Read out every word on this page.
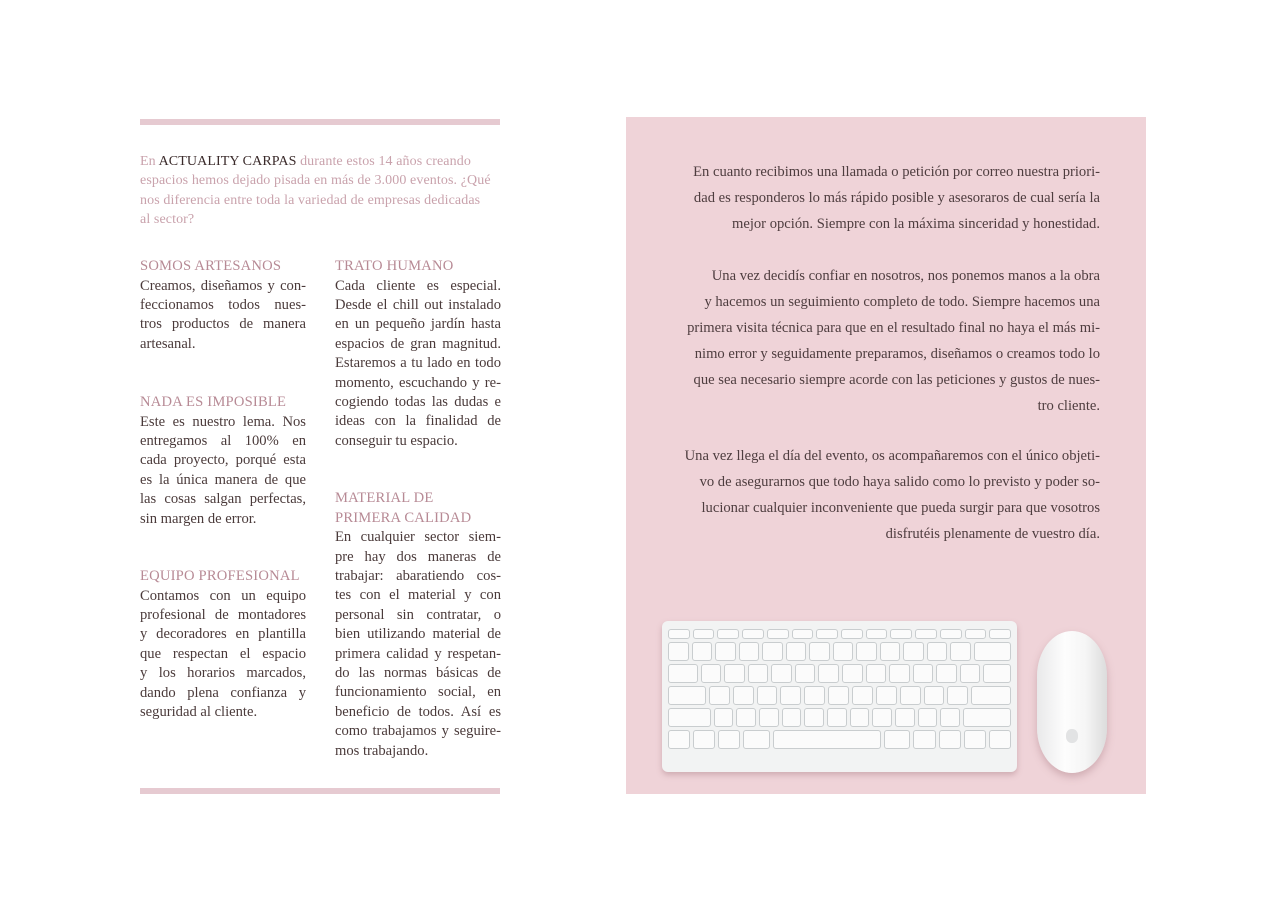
En ACTUALITY CARPAS durante estos 14 años creando
espacios hemos dejado pisada en más de 3.000 eventos. ¿Qué
nos diferencia entre toda la variedad de empresas dedicadas
al sector?
SOMOS ARTESANOS
Creamos, diseñamos y con-
feccionamos todos nues-
tros productos de manera
artesanal.
NADA ES IMPOSIBLE
Este es nuestro lema. Nos
entregamos al 100% en
cada proyecto, porqué esta
es la única manera de que
las cosas salgan perfectas,
sin margen de error.
EQUIPO PROFESIONAL
Contamos con un equipo
profesional de montadores
y decoradores en plantilla
que respectan el espacio
y los horarios marcados,
dando plena confianza y
seguridad al cliente.
TRATO HUMANO
Cada cliente es especial.
Desde el chill out instalado
en un pequeño jardín hasta
espacios de gran magnitud.
Estaremos a tu lado en todo
momento, escuchando y re-
cogiendo todas las dudas e
ideas con la finalidad de
conseguir tu espacio.
MATERIAL DE
PRIMERA CALIDAD
En cualquier sector siem-
pre hay dos maneras de
trabajar: abaratiendo cos-
tes con el material y con
personal sin contratar, o
bien utilizando material de
primera calidad y respetan-
do las normas básicas de
funcionamiento social, en
beneficio de todos. Así es
como trabajamos y seguire-
mos trabajando.
En cuanto recibimos una llamada o petición por correo nuestra priori-
dad es responderos lo más rápido posible y asesoraros de cual sería la
mejor opción. Siempre con la máxima sinceridad y honestidad.
Una vez decidís confiar en nosotros, nos ponemos manos a la obra
y hacemos un seguimiento completo de todo. Siempre hacemos una
primera visita técnica para que en el resultado final no haya el más mi-
nimo error y seguidamente preparamos, diseñamos o creamos todo lo
que sea necesario siempre acorde con las peticiones y gustos de nues-
tro cliente.
Una vez llega el día del evento, os acompañaremos con el único objeti-
vo de asegurarnos que todo haya salido como lo previsto y poder so-
lucionar cualquier inconveniente que pueda surgir para que vosotros
disfrutéis plenamente de vuestro día.
